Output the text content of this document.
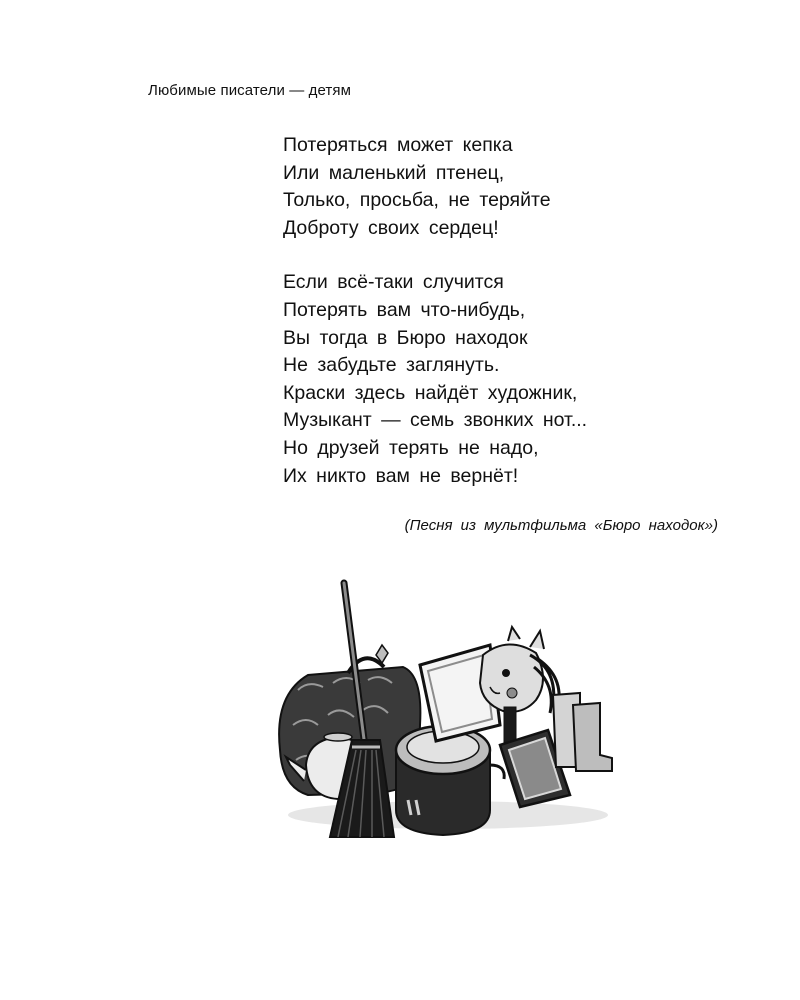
Любимые писатели — детям

Потеряться может кепка
Или маленький птенец,
Только, просьба, не теряйте
Доброту своих сердец!

Если всё-таки случится
Потерять вам что-нибудь,
Вы тогда в Бюро находок
Не забудьте заглянуть.
Краски здесь найдёт художник,
Музыкант — семь звонких нот...
Но друзей терять не надо,
Их никто вам не вернёт!

(Песня из мультфильма «Бюро находок»)
